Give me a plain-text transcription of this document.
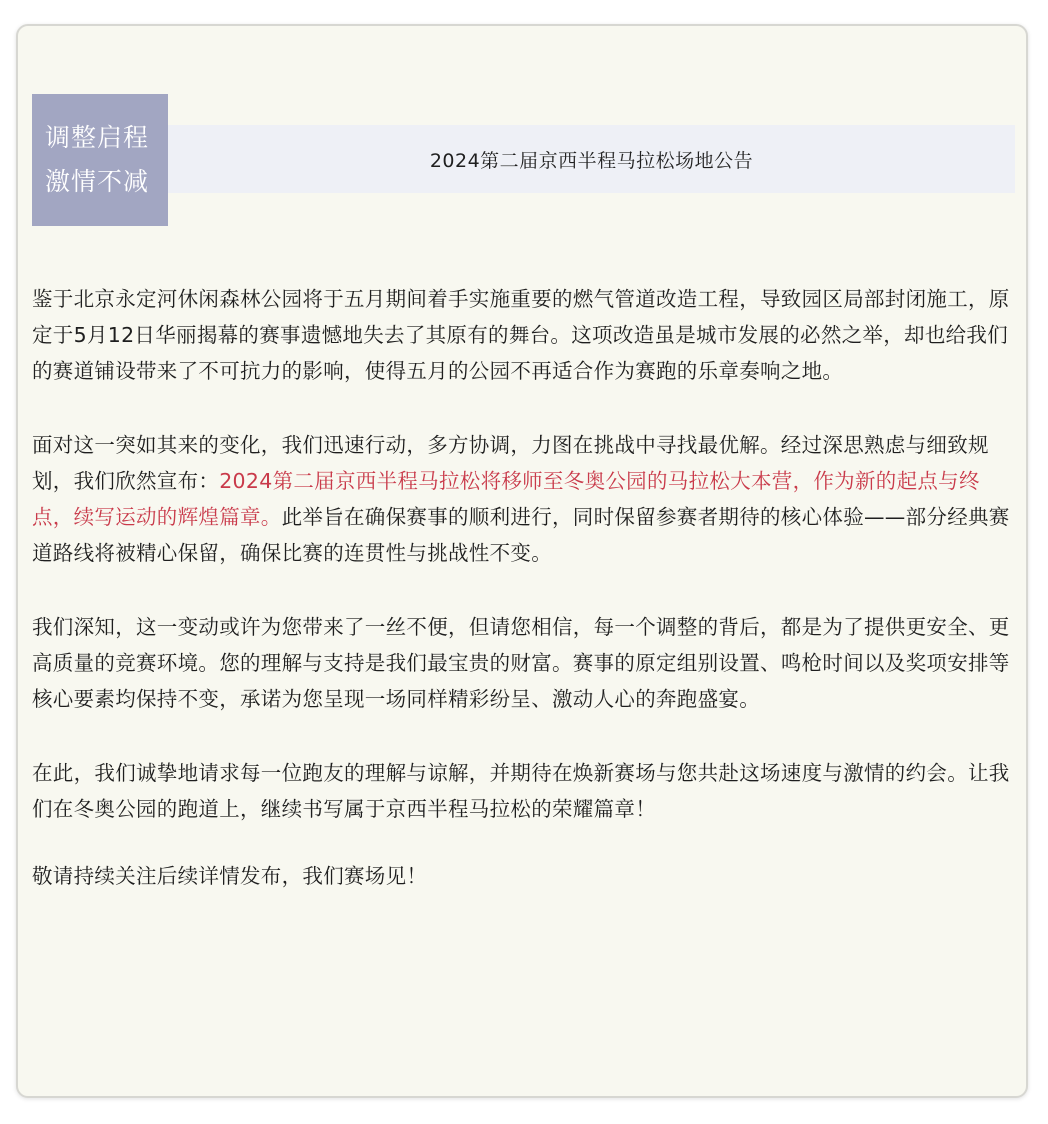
调整启程
激情不减
2024第二届京西半程马拉松场地公告

鉴于北京永定河休闲森林公园将于五月期间着手实施重要的燃气管道改造工程，导致园区局部封闭施工，原定于5月12日华丽揭幕的赛事遗憾地失去了其原有的舞台。这项改造虽是城市发展的必然之举，却也给我们的赛道铺设带来了不可抗力的影响，使得五月的公园不再适合作为赛跑的乐章奏响之地。

面对这一突如其来的变化，我们迅速行动，多方协调，力图在挑战中寻找最优解。经过深思熟虑与细致规划，我们欣然宣布：2024第二届京西半程马拉松将移师至冬奥公园的马拉松大本营，作为新的起点与终点，续写运动的辉煌篇章。此举旨在确保赛事的顺利进行，同时保留参赛者期待的核心体验——部分经典赛道路线将被精心保留，确保比赛的连贯性与挑战性不变。

我们深知，这一变动或许为您带来了一丝不便，但请您相信，每一个调整的背后，都是为了提供更安全、更高质量的竞赛环境。您的理解与支持是我们最宝贵的财富。赛事的原定组别设置、鸣枪时间以及奖项安排等核心要素均保持不变，承诺为您呈现一场同样精彩纷呈、激动人心的奔跑盛宴。

在此，我们诚挚地请求每一位跑友的理解与谅解，并期待在焕新赛场与您共赴这场速度与激情的约会。让我们在冬奥公园的跑道上，继续书写属于京西半程马拉松的荣耀篇章！

敬请持续关注后续详情发布，我们赛场见！
